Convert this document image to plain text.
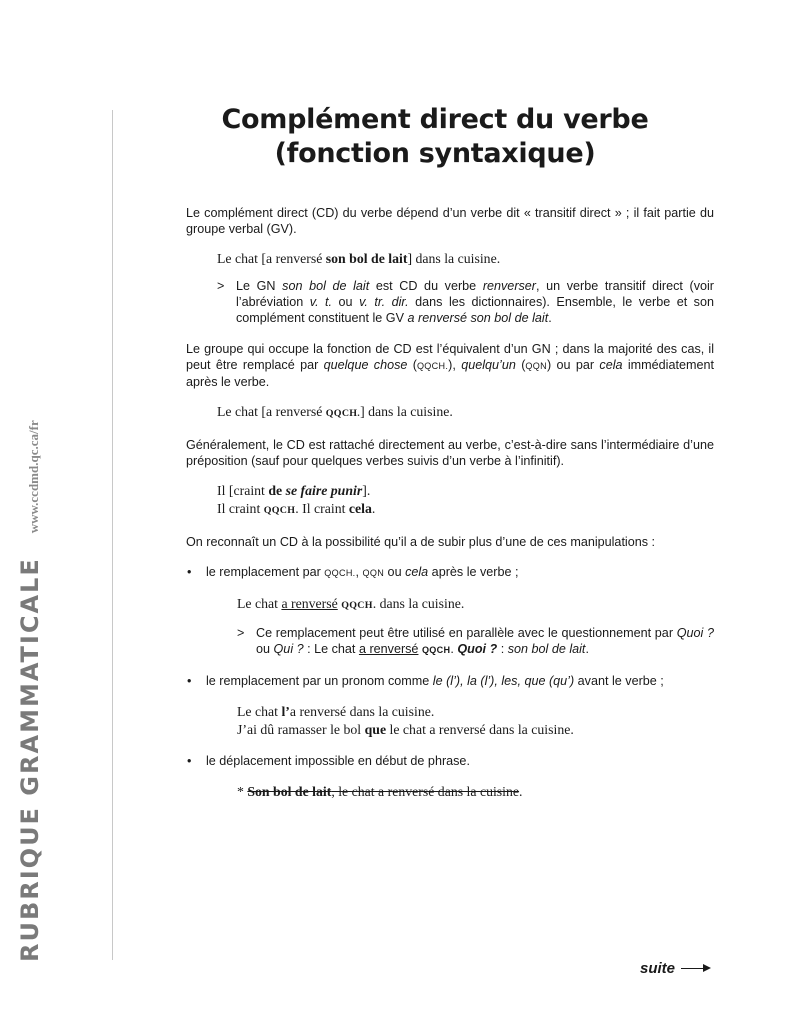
RUBRIQUE GRAMMATICALE
www.ccdmd.qc.ca/fr
Complément direct du verbe
(fonction syntaxique)

Le complément direct (CD) du verbe dépend d’un verbe dit « transitif direct » ; il fait partie du groupe verbal (GV).

Le chat [a renversé son bol de lait] dans la cuisine.
> Le GN son bol de lait est CD du verbe renverser, un verbe transitif direct (voir l’abréviation v. t. ou v. tr. dir. dans les dictionnaires). Ensemble, le verbe et son complément constituent le GV a renversé son bol de lait.

Le groupe qui occupe la fonction de CD est l’équivalent d’un GN ; dans la majorité des cas, il peut être remplacé par quelque chose (QQCH.), quelqu’un (QQN) ou par cela immédiatement après le verbe.

Le chat [a renversé QQCH.] dans la cuisine.

Généralement, le CD est rattaché directement au verbe, c’est-à-dire sans l’intermédiaire d’une préposition (sauf pour quelques verbes suivis d’un verbe à l’infinitif).

Il [craint de se faire punir].
Il craint QQCH. Il craint cela.

On reconnaît un CD à la possibilité qu’il a de subir plus d’une de ces manipulations :

• le remplacement par QQCH., QQN ou cela après le verbe ;
Le chat a renversé QQCH. dans la cuisine.
> Ce remplacement peut être utilisé en parallèle avec le questionnement par Quoi ? ou Qui ? : Le chat a renversé QQCH. Quoi ? : son bol de lait.
• le remplacement par un pronom comme le (l’), la (l’), les, que (qu’) avant le verbe ;
Le chat l’a renversé dans la cuisine.
J’ai dû ramasser le bol que le chat a renversé dans la cuisine.
• le déplacement impossible en début de phrase.
* Son bol de lait, le chat a renversé dans la cuisine.
suite
